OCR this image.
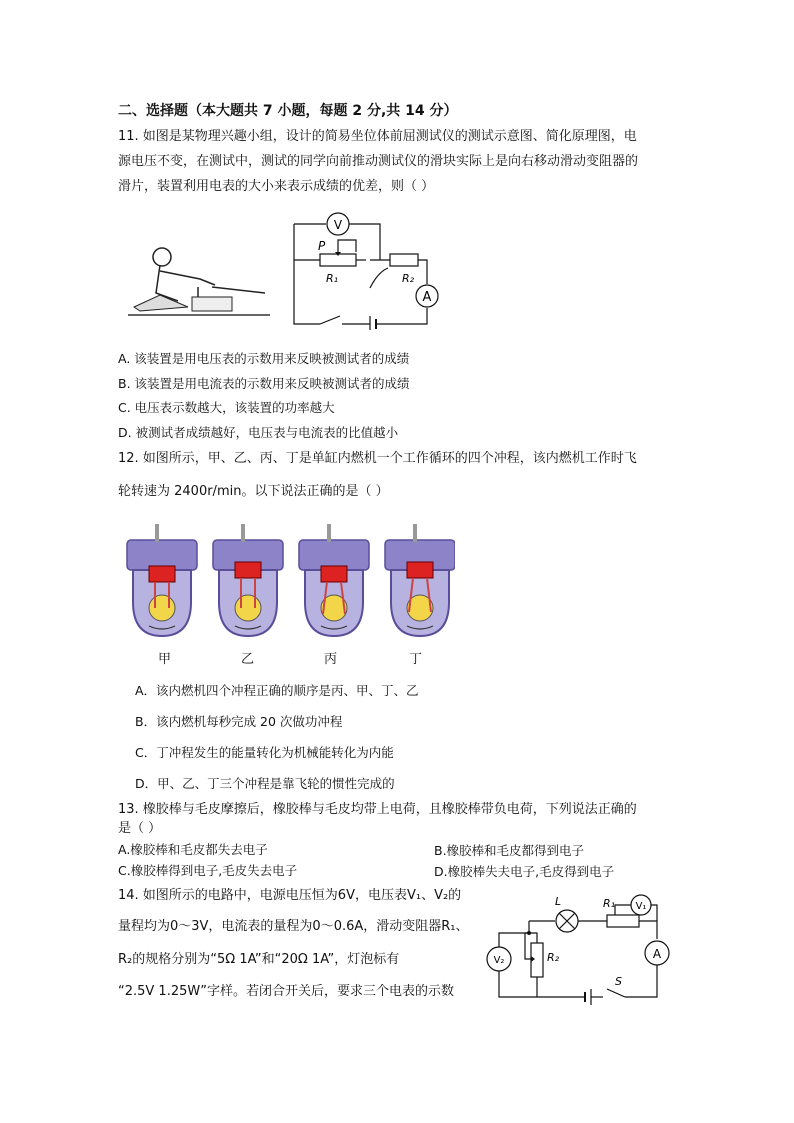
二、选择题（本大题共 7 小题，每题 2 分,共 14 分）
11. 如图是某物理兴趣小组，设计的简易坐位体前屈测试仪的测试示意图、简化原理图，电
源电压不变，在测试中，测试的同学向前推动测试仪的滑块实际上是向右移动滑动变阻器的
滑片，装置利用电表的大小来表示成绩的优差，则（ ）
A
R₂
R₁
P
V
A. 该装置是用电压表的示数用来反映被测试者的成绩
B. 该装置是用电流表的示数用来反映被测试者的成绩
C. 电压表示数越大，该装置的功率越大
D. 被测试者成绩越好，电压表与电流表的比值越小
12. 如图所示，甲、乙、丙、丁是单缸内燃机一个工作循环的四个冲程，该内燃机工作时飞
轮转速为 2400r/min。以下说法正确的是（ ）
甲	乙	丙	丁
A．该内燃机四个冲程正确的顺序是丙、甲、丁、乙
B．该内燃机每秒完成 20 次做功冲程
C．丁冲程发生的能量转化为机械能转化为内能
D．甲、乙、丁三个冲程是靠飞轮的惯性完成的
13. 橡胶棒与毛皮摩擦后，橡胶棒与毛皮均带上电荷，且橡胶棒带负电荷，下列说法正确的
是（ ）
A.橡胶棒和毛皮都失去电子	B.橡胶棒和毛皮都得到电子
C.橡胶棒得到电子,毛皮失去电子	D.橡胶棒失夫电子,毛皮得到电子
14. 如图所示的电路中，电源电压恒为6V，电压表V₁、V₂的
量程均为0～3V，电流表的量程为0～0.6A，滑动变阻器R₁、
R₂的规格分别为“5Ω 1A”和“20Ω 1A”，灯泡标有
“2.5V 1.25W”字样。若闭合开关后，要求三个电表的示数
L	R₁ V₁
A
S
V₂	R₂
